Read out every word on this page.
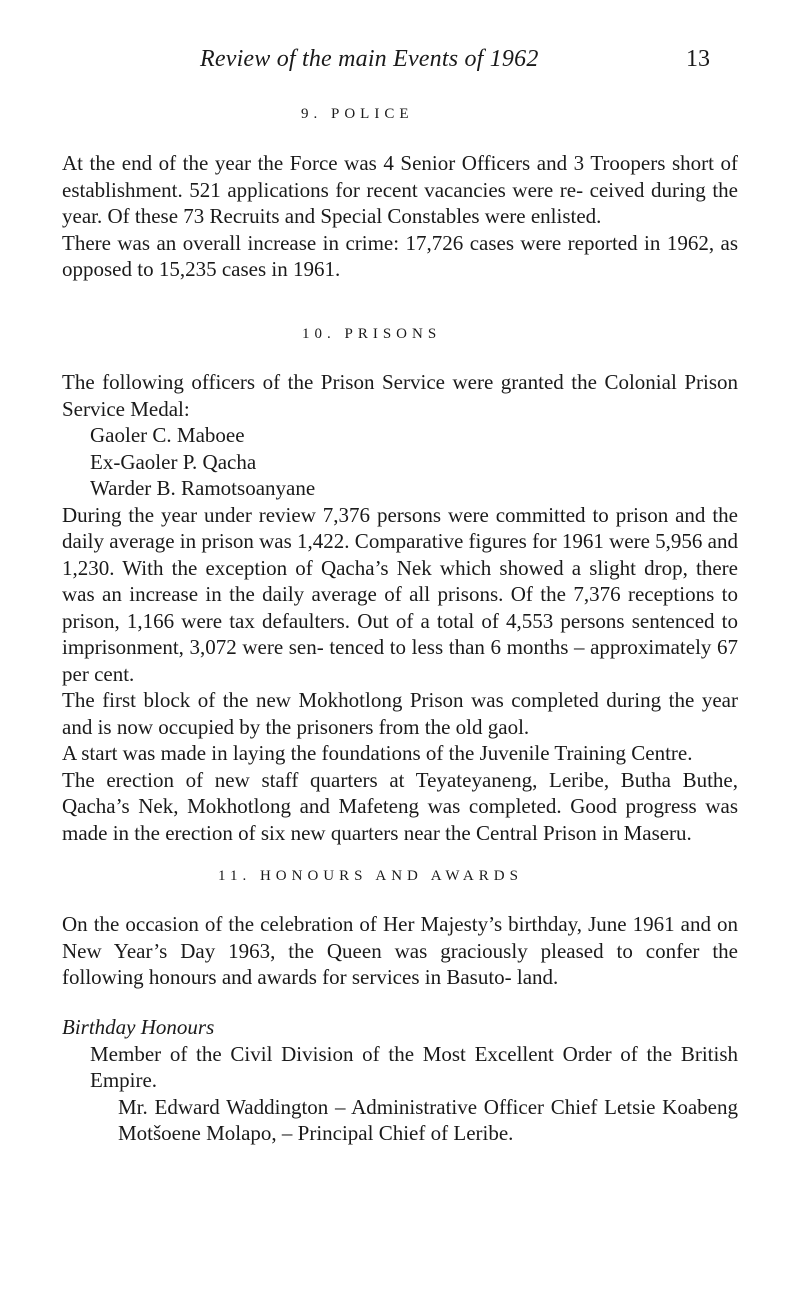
Review of the main Events of 1962	13
9. POLICE

At the end of the year the Force was 4 Senior Officers and 3 Troopers short of establishment. 521 applications for recent vacancies were re- ceived during the year. Of these 73 Recruits and Special Constables were enlisted.

There was an overall increase in crime: 17,726 cases were reported in 1962, as opposed to 15,235 cases in 1961.

10. PRISONS

The following officers of the Prison Service were granted the Colonial Prison Service Medal:

Gaoler C. Maboee

Ex-Gaoler P. Qacha

Warder B. Ramotsoanyane

During the year under review 7,376 persons were committed to prison and the daily average in prison was 1,422. Comparative figures for 1961 were 5,956 and 1,230. With the exception of Qacha’s Nek which showed a slight drop, there was an increase in the daily average of all prisons. Of the 7,376 receptions to prison, 1,166 were tax defaulters. Out of a total of 4,553 persons sentenced to imprisonment, 3,072 were sen- tenced to less than 6 months – approximately 67 per cent.

The first block of the new Mokhotlong Prison was completed during the year and is now occupied by the prisoners from the old gaol.

A start was made in laying the foundations of the Juvenile Training Centre.

The erection of new staff quarters at Teyateyaneng, Leribe, Butha Buthe, Qacha’s Nek, Mokhotlong and Mafeteng was completed. Good progress was made in the erection of six new quarters near the Central Prison in Maseru.

11. HONOURS AND AWARDS

On the occasion of the celebration of Her Majesty’s birthday, June 1961 and on New Year’s Day 1963, the Queen was graciously pleased to confer the following honours and awards for services in Basuto- land.

Birthday Honours

Member of the Civil Division of the Most Excellent Order of the British Empire.

Mr. Edward Waddington – Administrative Officer Chief Letsie Koabeng Motšoene Molapo, – Principal Chief of Leribe.
